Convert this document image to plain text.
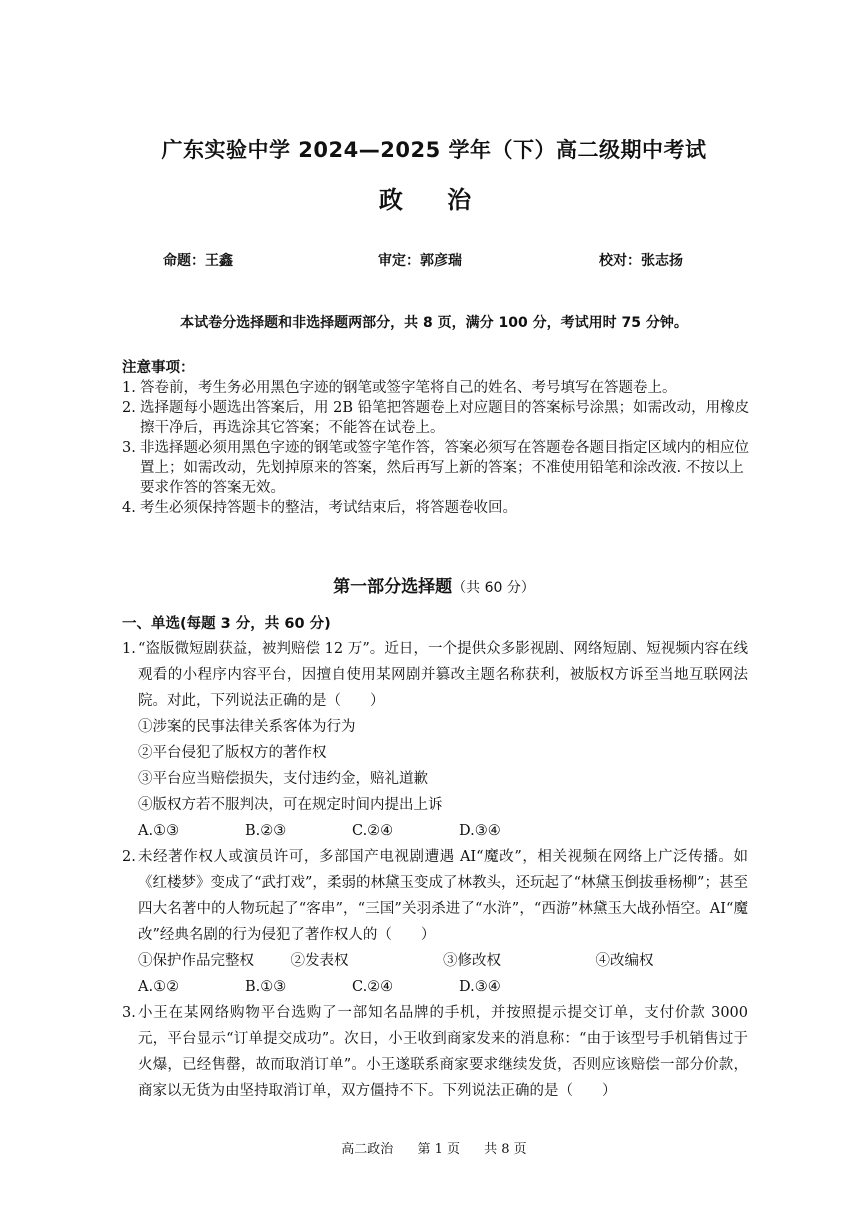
广东实验中学 2024—2025 学年（下）高二级期中考试
政 治
命题：王鑫	审定：郭彦瑞	校对：张志扬
本试卷分选择题和非选择题两部分，共 8 页，满分 100 分，考试用时 75 分钟。
注意事项：
1. 答卷前，考生务必用黑色字迹的钢笔或签字笔将自己的姓名、考号填写在答题卷上。
2. 选择题每小题选出答案后，用 2B 铅笔把答题卷上对应题目的答案标号涂黑；如需改动，用橡皮擦干净后，再选涂其它答案；不能答在试卷上。
3. 非选择题必须用黑色字迹的钢笔或签字笔作答，答案必须写在答题卷各题目指定区域内的相应位置上；如需改动，先划掉原来的答案，然后再写上新的答案；不准使用铅笔和涂改液. 不按以上要求作答的答案无效。
4. 考生必须保持答题卡的整洁，考试结束后，将答题卷收回。
第一部分选择题（共 60 分）
一、单选(每题 3 分，共 60 分)
1. “盗版微短剧获益，被判赔偿 12 万”。近日，一个提供众多影视剧、网络短剧、短视频内容在线观看的小程序内容平台，因擅自使用某网剧并篡改主题名称获利，被版权方诉至当地互联网法院。对此，下列说法正确的是（　　）
①涉案的民事法律关系客体为行为
②平台侵犯了版权方的著作权
③平台应当赔偿损失，支付违约金，赔礼道歉
④版权方若不服判决，可在规定时间内提出上诉
A.①③	B.②③	C.②④	D.③④
2. 未经著作权人或演员许可，多部国产电视剧遭遇 AI“魔改”，相关视频在网络上广泛传播。如《红楼梦》变成了“武打戏”，柔弱的林黛玉变成了林教头，还玩起了“林黛玉倒拔垂杨柳”；甚至四大名著中的人物玩起了“客串”，“三国”关羽杀进了“水浒”，“西游”林黛玉大战孙悟空。AI“魔改”经典名剧的行为侵犯了著作权人的（　　）
①保护作品完整权	②发表权	③修改权	④改编权
A.①②	B.①③	C.②④	D.③④
3. 小王在某网络购物平台选购了一部知名品牌的手机，并按照提示提交订单，支付价款 3000 元，平台显示“订单提交成功”。次日，小王收到商家发来的消息称：“由于该型号手机销售过于火爆，已经售罄，故而取消订单”。小王遂联系商家要求继续发货，否则应该赔偿一部分价款，商家以无货为由坚持取消订单，双方僵持不下。下列说法正确的是（　　）
高二政治 第 1 页 共 8 页
